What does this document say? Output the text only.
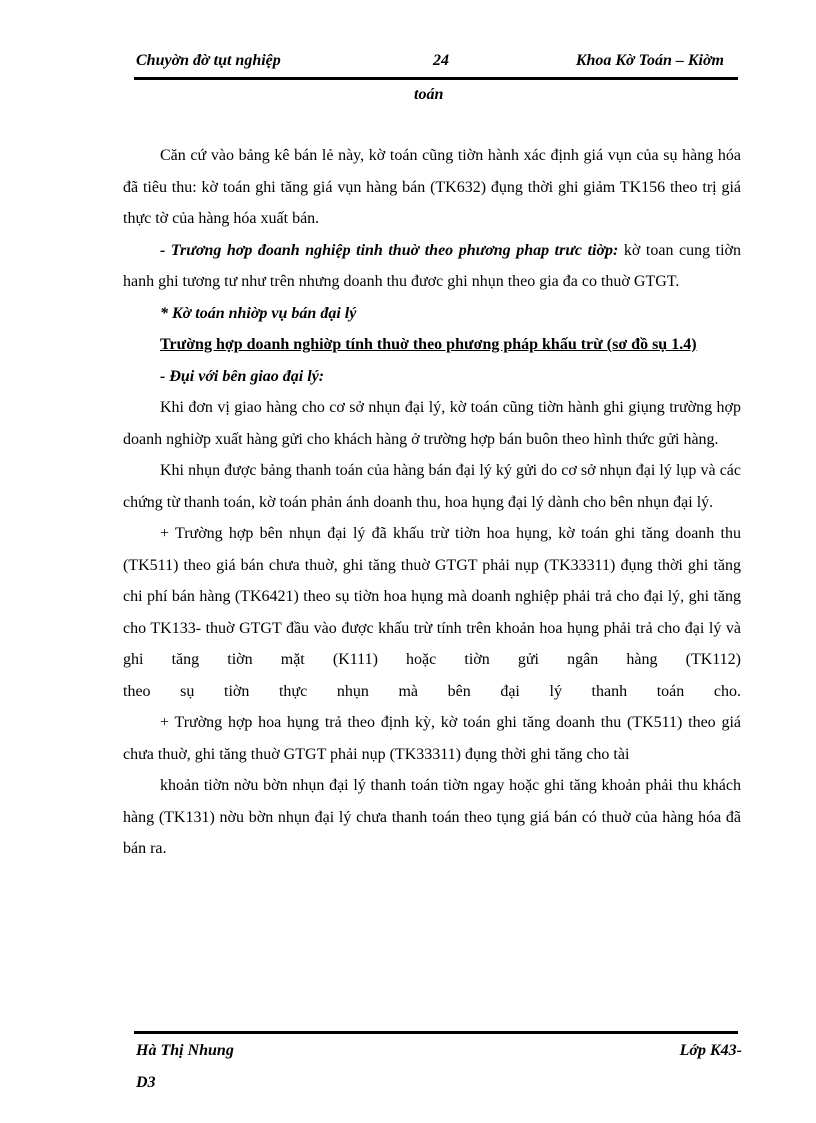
Chuyờn đờ tụt nghiệp	24	Khoa Kờ Toán – Kiờm
toán

Căn cứ vào bảng kê bán lẻ này, kờ toán cũng tiờn hành xác định giá vụn của sụ hàng hóa đã tiêu thu: kờ toán ghi tăng giá vụn hàng bán (TK632) đụng thời ghi giảm TK156 theo trị giá thực tờ của hàng hóa xuất bán.

- Trương hơp đoanh nghiệp tinh thuờ theo phương phap trưc tiờp: kờ toan cung tiờn hanh ghi tương tư như trên nhưng doanh thu đươc ghi nhụn theo gia đa co thuờ GTGT.

* Kờ toán nhiờp vụ bán đại lý

Trường hợp doanh nghiờp tính thuờ theo phương pháp khấu trừ (sơ đồ sụ 1.4)

- Đụi với bên giao đại lý:

Khi đơn vị giao hàng cho cơ sở nhụn đại lý, kờ toán cũng tiờn hành ghi giụng trường hợp doanh nghiờp xuất hàng gửi cho khách hàng ở trường hợp bán buôn theo hình thức gửi hàng.

Khi nhụn được bảng thanh toán của hàng bán đại lý ký gửi do cơ sở nhụn đại lý lụp và các chứng từ thanh toán, kờ toán phản ánh doanh thu, hoa hụng đại lý dành cho bên nhụn đại lý.

+ Trường hợp bên nhụn đại lý đã khấu trừ tiờn hoa hụng, kờ toán ghi tăng doanh thu (TK511) theo giá bán chưa thuờ, ghi tăng thuờ GTGT phải nụp (TK33311) đụng thời ghi tăng chi phí bán hàng (TK6421) theo sụ tiờn hoa hụng mà doanh nghiệp phải trả cho đại lý, ghi tăng cho TK133- thuờ GTGT đầu vào được khấu trừ tính trên khoản hoa hụng phải trả cho đại lý và ghi tăng tiờn mặt (K111) hoặc tiờn gửi ngân hàng (TK112)

theo sụ tiờn thực nhụn mà bên đại lý thanh toán cho.

+ Trường hợp hoa hụng trả theo định kỳ, kờ toán ghi tăng doanh thu (TK511) theo giá chưa thuờ, ghi tăng thuờ GTGT phải nụp (TK33311) đụng thời ghi tăng cho tài

khoản tiờn nờu bờn nhụn đại lý thanh toán tiờn ngay hoặc ghi tăng khoản phải thu khách hàng (TK131) nờu bờn nhụn đại lý chưa thanh toán theo tụng giá bán có thuờ của hàng hóa đã bán ra.

Hà Thị Nhung	Lớp K43-
D3
